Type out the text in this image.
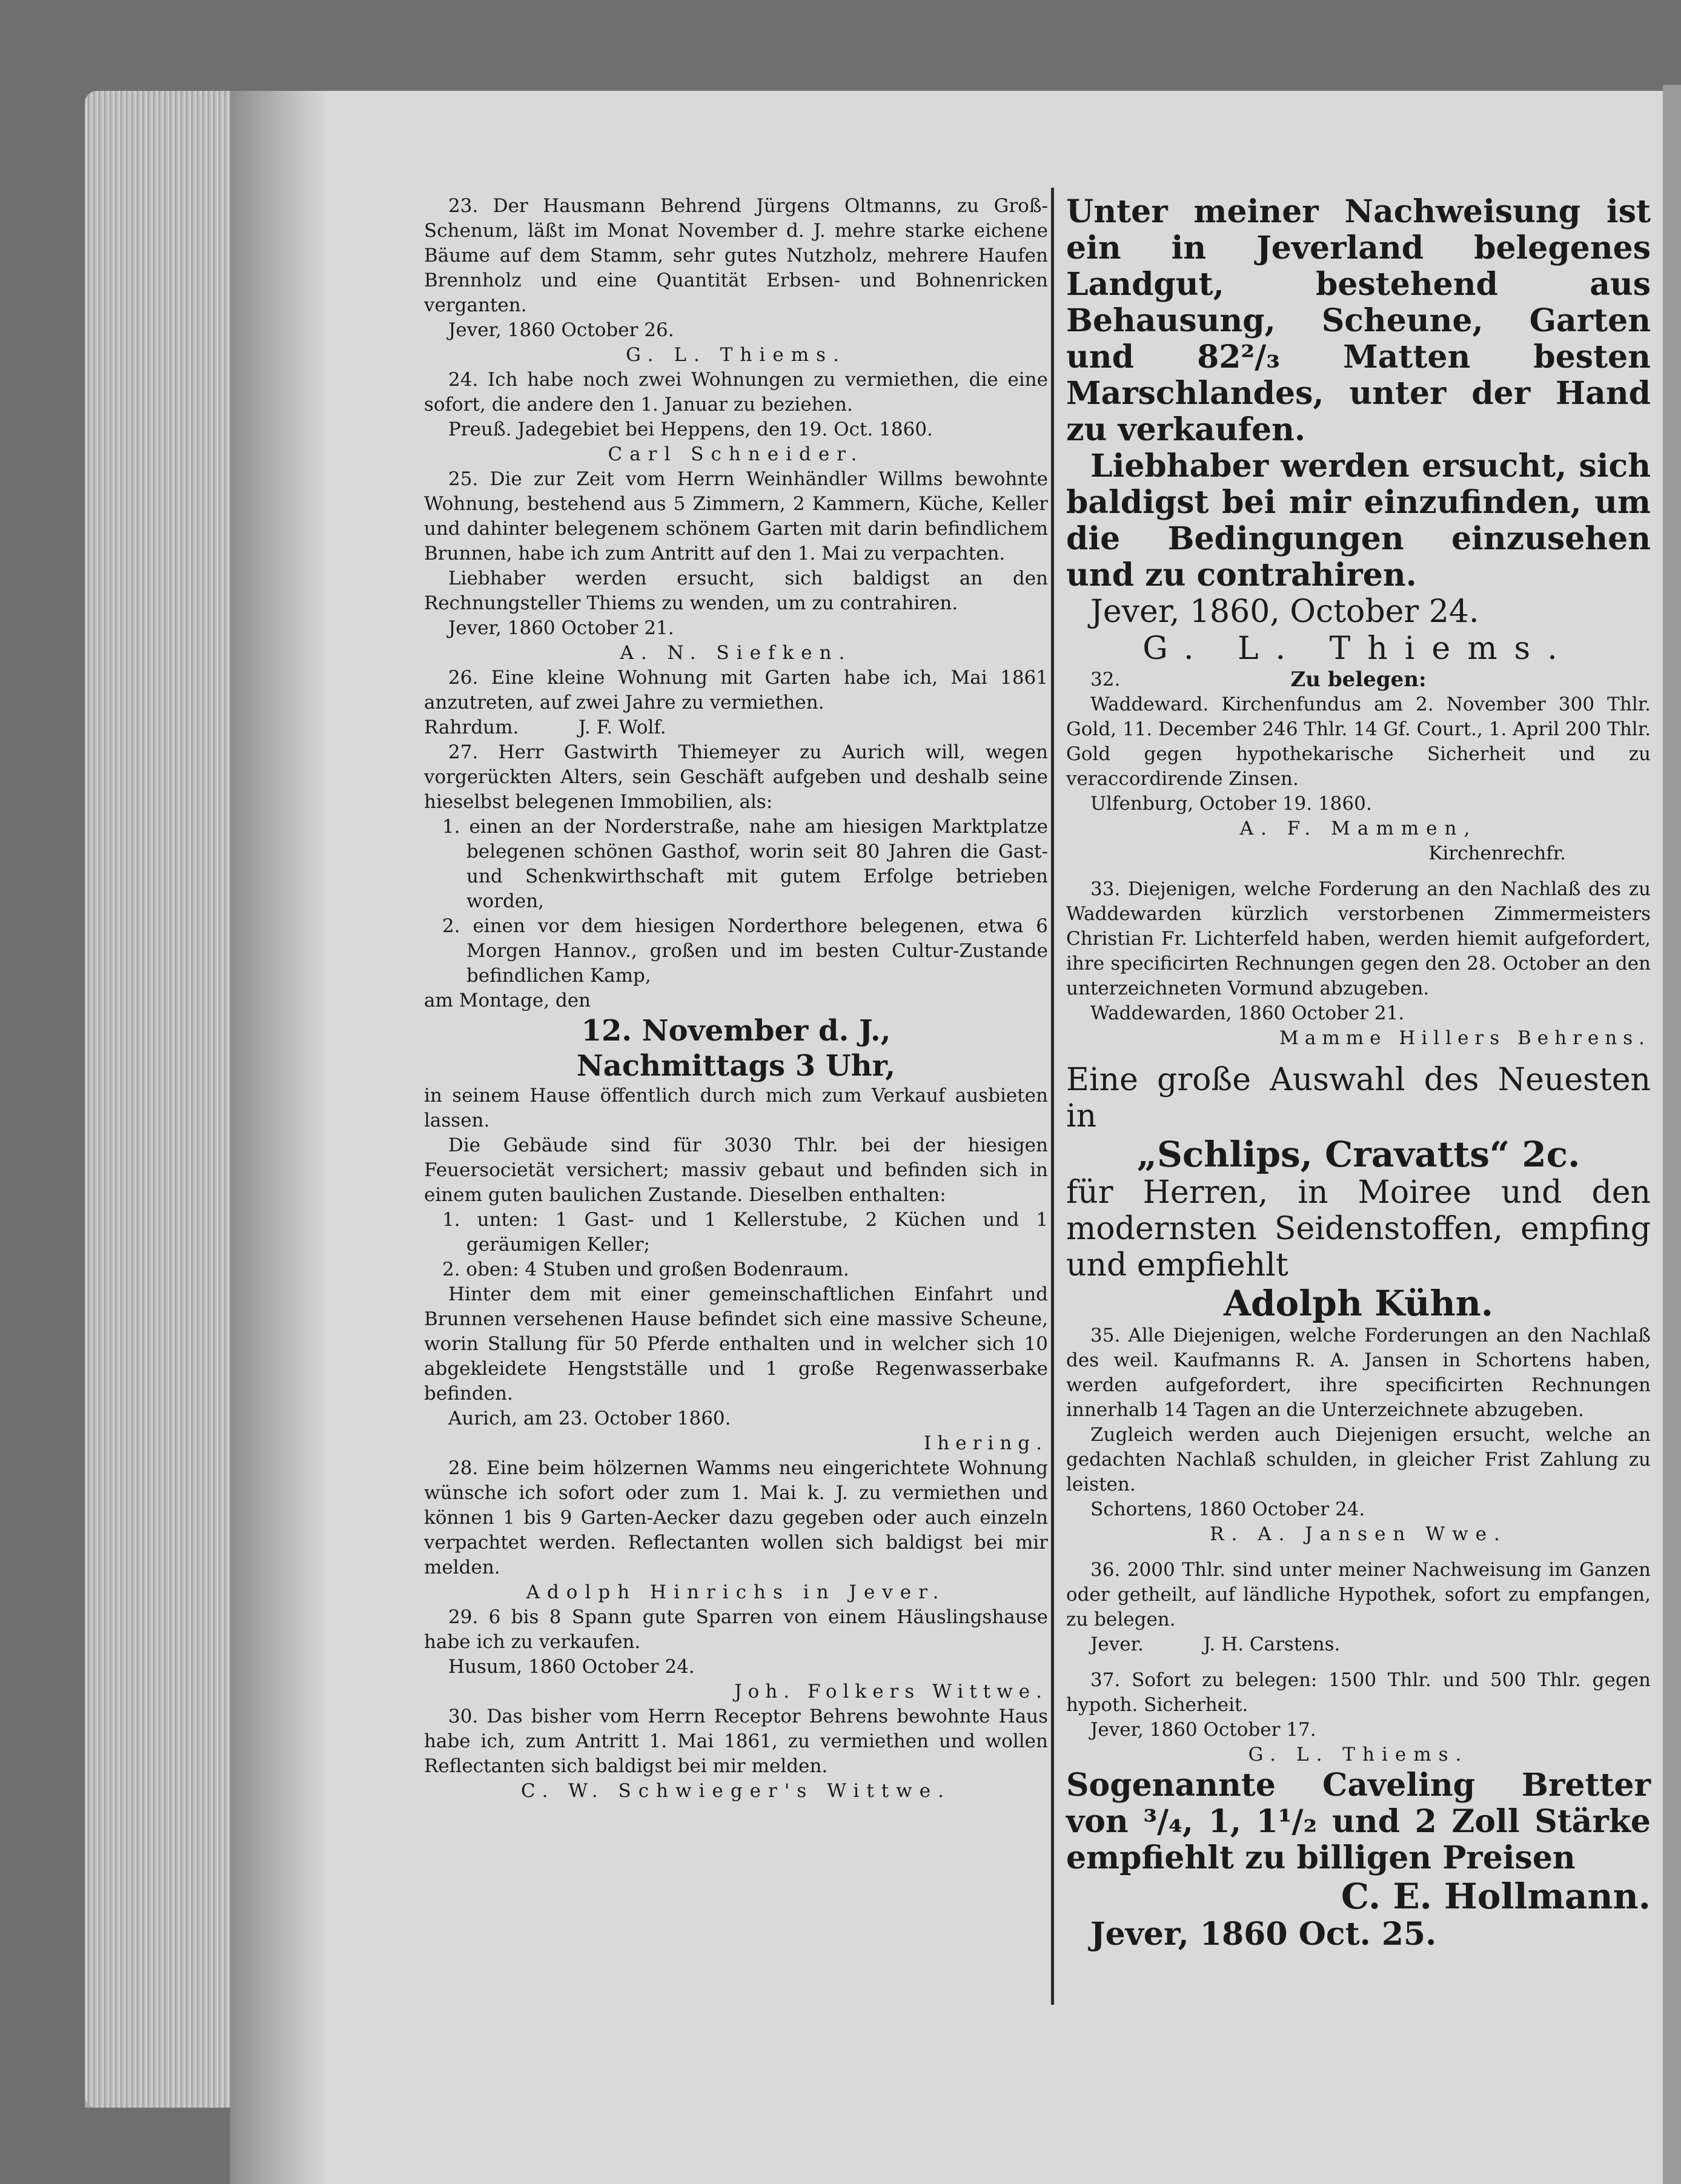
23. Der Hausmann Behrend Jürgens Oltmanns, zu Groß-Schenum, läßt im Monat November d. J. mehre starke eichene Bäume auf dem Stamm, sehr gutes Nutzholz, mehrere Haufen Brennholz und eine Quantität Erbsen- und Bohnenricken verganten.

Jever, 1860 October 26.

G. L. Thiems.

24. Ich habe noch zwei Wohnungen zu vermiethen, die eine sofort, die andere den 1. Januar zu beziehen.

Preuß. Jadegebiet bei Heppens, den 19. Oct. 1860.

Carl Schneider.

25. Die zur Zeit vom Herrn Weinhändler Willms bewohnte Wohnung, bestehend aus 5 Zimmern, 2 Kammern, Küche, Keller und dahinter belegenem schönem Garten mit darin befindlichem Brunnen, habe ich zum Antritt auf den 1. Mai zu verpachten.

Liebhaber werden ersucht, sich baldigst an den Rechnungsteller Thiems zu wenden, um zu contrahiren.

Jever, 1860 October 21.

A. N. Siefken.

26. Eine kleine Wohnung mit Garten habe ich, Mai 1861 anzutreten, auf zwei Jahre zu vermiethen.

Rahrdum.          J. F. Wolf.

27. Herr Gastwirth Thiemeyer zu Aurich will, wegen vorgerückten Alters, sein Geschäft aufgeben und deshalb seine hieselbst belegenen Immobilien, als:

1. einen an der Norderstraße, nahe am hiesigen Marktplatze belegenen schönen Gasthof, worin seit 80 Jahren die Gast- und Schenkwirthschaft mit gutem Erfolge betrieben worden,

2. einen vor dem hiesigen Norderthore belegenen, etwa 6 Morgen Hannov., großen und im besten Cultur-Zustande befindlichen Kamp,

am Montage, den

12. November d. J.,

Nachmittags 3 Uhr,

in seinem Hause öffentlich durch mich zum Verkauf ausbieten lassen.

Die Gebäude sind für 3030 Thlr. bei der hiesigen Feuersocietät versichert; massiv gebaut und befinden sich in einem guten baulichen Zustande. Dieselben enthalten:

1. unten: 1 Gast- und 1 Kellerstube, 2 Küchen und 1 geräumigen Keller;

2. oben: 4 Stuben und großen Bodenraum.

Hinter dem mit einer gemeinschaftlichen Einfahrt und Brunnen versehenen Hause befindet sich eine massive Scheune, worin Stallung für 50 Pferde enthalten und in welcher sich 10 abgekleidete Hengstställe und 1 große Regenwasserbake befinden.

Aurich, am 23. October 1860.

Ihering.

28. Eine beim hölzernen Wamms neu eingerichtete Wohnung wünsche ich sofort oder zum 1. Mai k. J. zu vermiethen und können 1 bis 9 Garten-Aecker dazu gegeben oder auch einzeln verpachtet werden. Reflectanten wollen sich baldigst bei mir melden.

Adolph Hinrichs in Jever.

29. 6 bis 8 Spann gute Sparren von einem Häuslingshause habe ich zu verkaufen.

Husum, 1860 October 24.

Joh. Folkers Wittwe.

30. Das bisher vom Herrn Receptor Behrens bewohnte Haus habe ich, zum Antritt 1. Mai 1861, zu vermiethen und wollen Reflectanten sich baldigst bei mir melden.

C. W. Schwieger's Wittwe.

Unter meiner Nachweisung ist ein in Jeverland belegenes Landgut, bestehend aus Behausung, Scheune, Garten und 82²/₃ Matten besten Marschlandes, unter der Hand zu verkaufen.

Liebhaber werden ersucht, sich baldigst bei mir einzufinden, um die Bedingungen einzusehen und zu contrahiren.

Jever, 1860, October 24.

G. L. Thiems.

32.	Zu belegen:

Waddeward. Kirchenfundus am 2. November 300 Thlr. Gold, 11. December 246 Thlr. 14 Gf. Court., 1. April 200 Thlr. Gold gegen hypothekarische Sicherheit und zu veraccordirende Zinsen.

Ulfenburg, October 19. 1860.

A. F. Mammen,

Kirchenrechfr.

33. Diejenigen, welche Forderung an den Nachlaß des zu Waddewarden kürzlich verstorbenen Zimmermeisters Christian Fr. Lichterfeld haben, werden hiemit aufgefordert, ihre specificirten Rechnungen gegen den 28. October an den unterzeichneten Vormund abzugeben.

Waddewarden, 1860 October 21.

Mamme Hillers Behrens.

Eine große Auswahl des Neuesten in

„Schlips, Cravatts“ 2c.

für Herren, in Moiree und den modernsten Seidenstoffen, empfing und empfiehlt

Adolph Kühn.

35. Alle Diejenigen, welche Forderungen an den Nachlaß des weil. Kaufmanns R. A. Jansen in Schortens haben, werden aufgefordert, ihre specificirten Rechnungen innerhalb 14 Tagen an die Unterzeichnete abzugeben.

Zugleich werden auch Diejenigen ersucht, welche an gedachten Nachlaß schulden, in gleicher Frist Zahlung zu leisten.

Schortens, 1860 October 24.

R. A. Jansen Wwe.

36. 2000 Thlr. sind unter meiner Nachweisung im Ganzen oder getheilt, auf ländliche Hypothek, sofort zu empfangen, zu belegen.

Jever.          J. H. Carstens.

37. Sofort zu belegen: 1500 Thlr. und 500 Thlr. gegen hypoth. Sicherheit.

Jever, 1860 October 17.

G. L. Thiems.

Sogenannte Caveling Bretter von ³/₄, 1, 1¹/₂ und 2 Zoll Stärke empfiehlt zu billigen Preisen

C. E. Hollmann.

Jever, 1860 Oct. 25.
